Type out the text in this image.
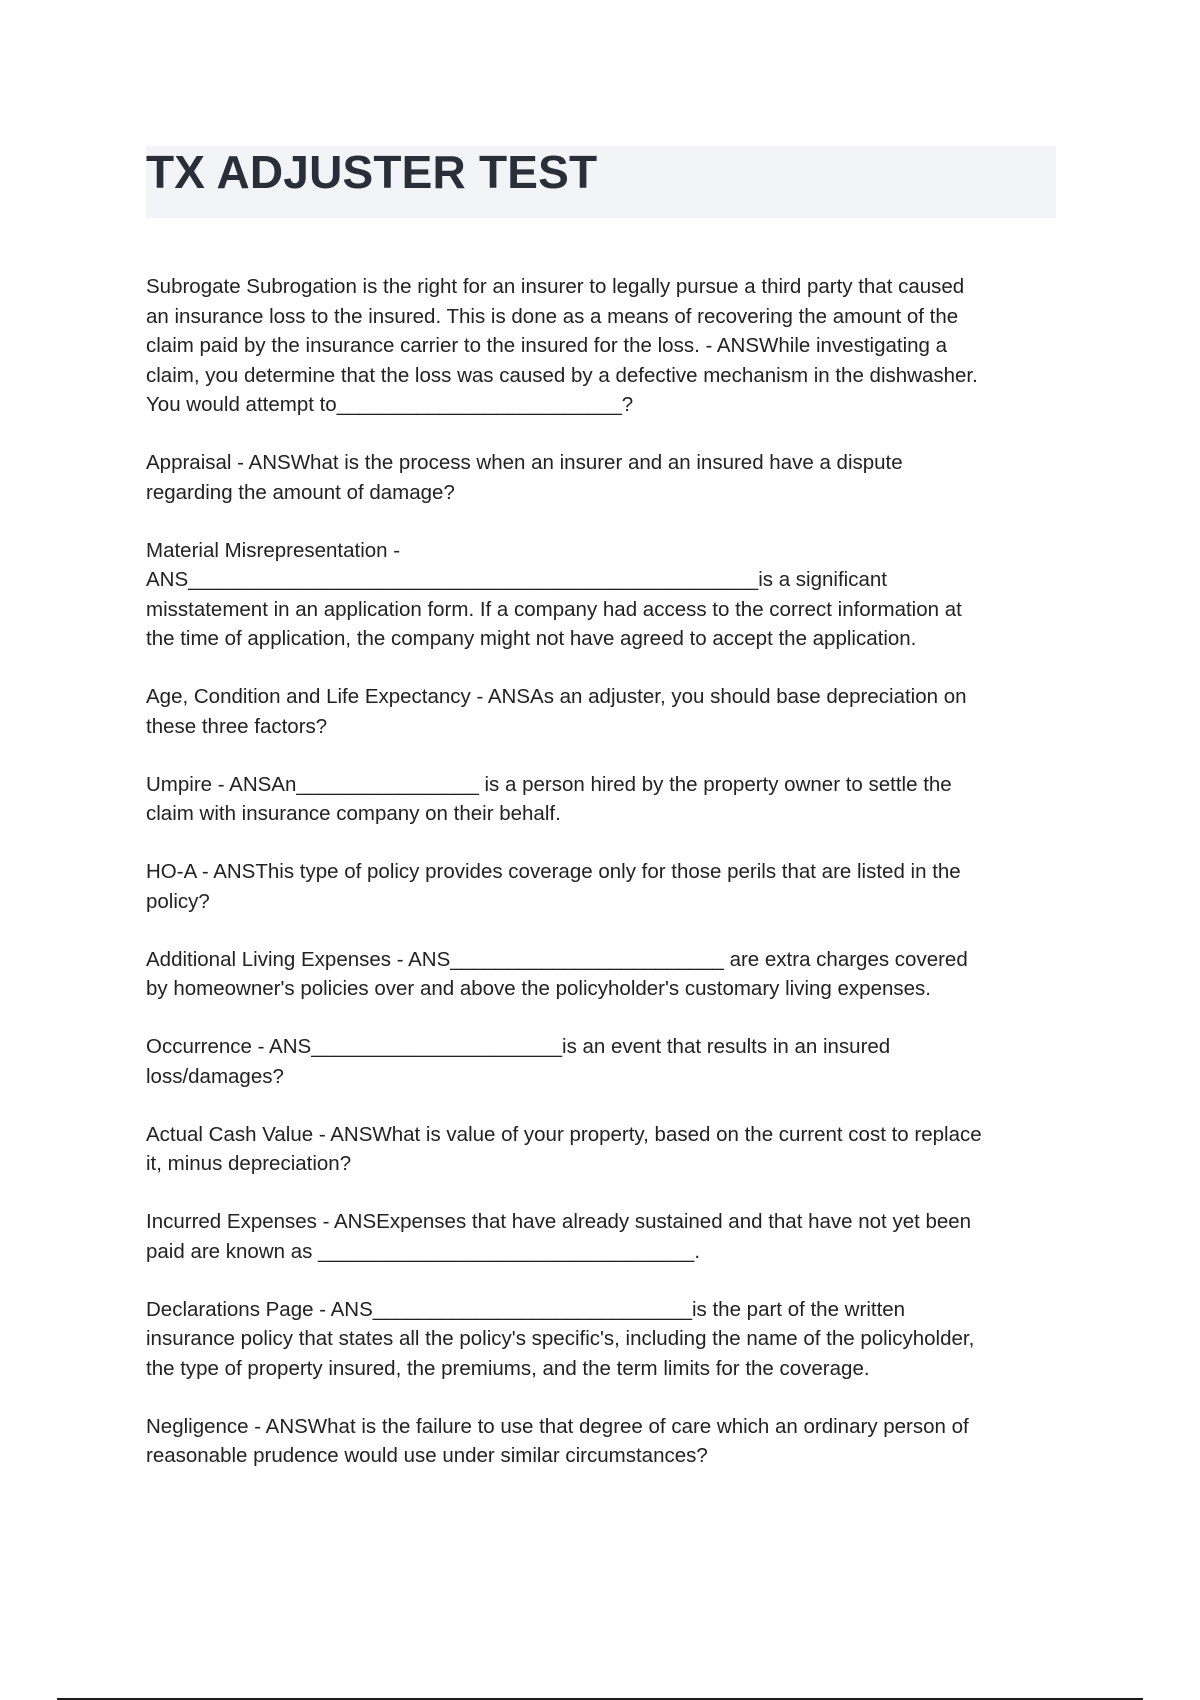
TX ADJUSTER TEST

Subrogate Subrogation is the right for an insurer to legally pursue a third party that caused
an insurance loss to the insured. This is done as a means of recovering the amount of the
claim paid by the insurance carrier to the insured for the loss. - ANSWhile investigating a
claim, you determine that the loss was caused by a defective mechanism in the dishwasher.
You would attempt to_________________________?

Appraisal - ANSWhat is the process when an insurer and an insured have a dispute
regarding the amount of damage?

Material Misrepresentation -
ANS__________________________________________________is a significant
misstatement in an application form. If a company had access to the correct information at
the time of application, the company might not have agreed to accept the application.

Age, Condition and Life Expectancy - ANSAs an adjuster, you should base depreciation on
these three factors?

Umpire - ANSAn________________ is a person hired by the property owner to settle the
claim with insurance company on their behalf.

HO-A - ANSThis type of policy provides coverage only for those perils that are listed in the
policy?

Additional Living Expenses - ANS________________________ are extra charges covered
by homeowner's policies over and above the policyholder's customary living expenses.

Occurrence - ANS______________________is an event that results in an insured
loss/damages?

Actual Cash Value - ANSWhat is value of your property, based on the current cost to replace
it, minus depreciation?

Incurred Expenses - ANSExpenses that have already sustained and that have not yet been
paid are known as _________________________________.

Declarations Page - ANS____________________________is the part of the written
insurance policy that states all the policy's specific's, including the name of the policyholder,
the type of property insured, the premiums, and the term limits for the coverage.

Negligence - ANSWhat is the failure to use that degree of care which an ordinary person of
reasonable prudence would use under similar circumstances?
